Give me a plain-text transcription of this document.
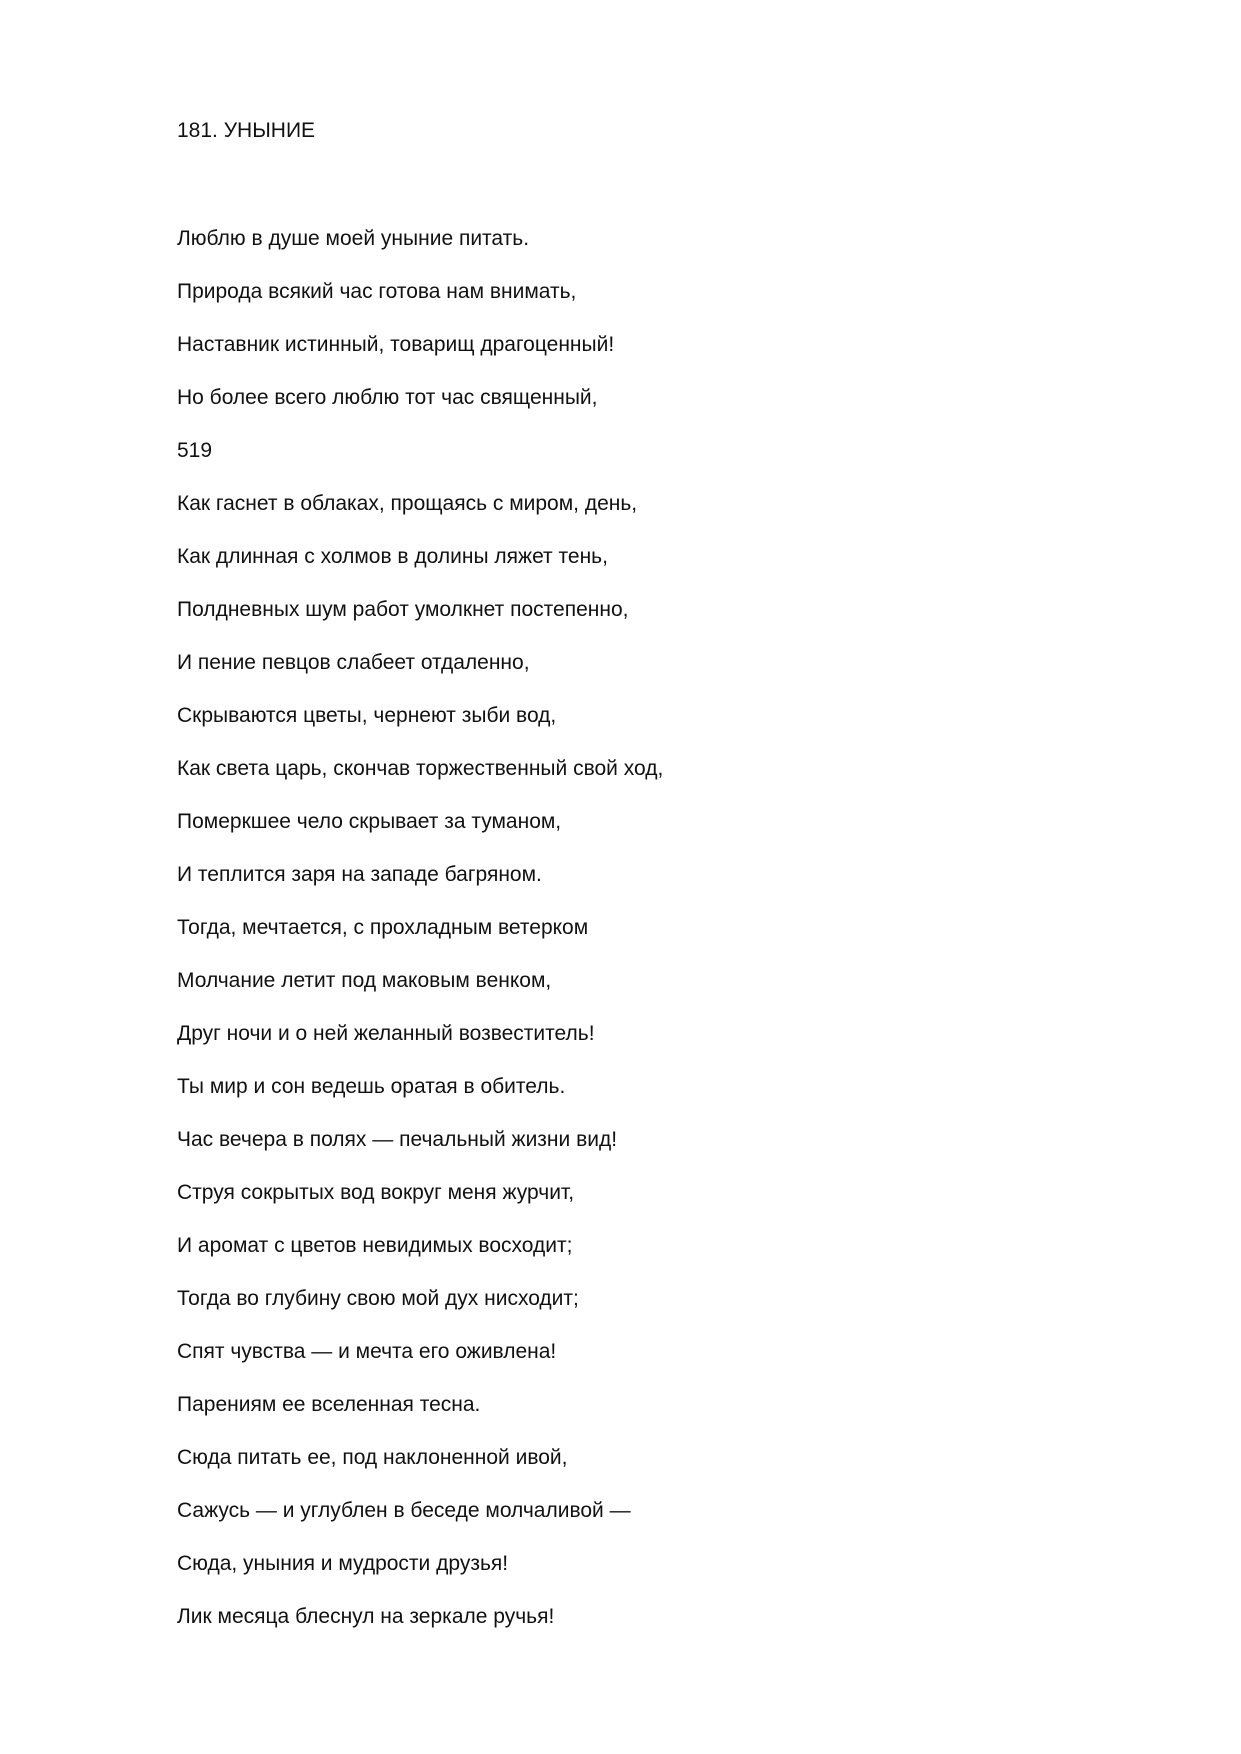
181. УНЫНИЕ
Люблю в душе моей уныние питать.
Природа всякий час готова нам внимать,
Наставник истинный, товарищ драгоценный!
Но более всего люблю тот час священный,
519
Как гаснет в облаках, прощаясь с миром, день,
Как длинная с холмов в долины ляжет тень,
Полдневных шум работ умолкнет постепенно,
И пение певцов слабеет отдаленно,
Скрываются цветы, чернеют зыби вод,
Как света царь, скончав торжественный свой ход,
Померкшее чело скрывает за туманом,
И теплится заря на западе багряном.
Тогда, мечтается, с прохладным ветерком
Молчание летит под маковым венком,
Друг ночи и о ней желанный возвеститель!
Ты мир и сон ведешь оратая в обитель.
Час вечера в полях — печальный жизни вид!
Струя сокрытых вод вокруг меня журчит,
И аромат с цветов невидимых восходит;
Тогда во глубину свою мой дух нисходит;
Спят чувства — и мечта его оживлена!
Парениям ее вселенная тесна.
Сюда питать ее, под наклоненной ивой,
Сажусь — и углублен в беседе молчаливой —
Сюда, уныния и мудрости друзья!
Лик месяца блеснул на зеркале ручья!
